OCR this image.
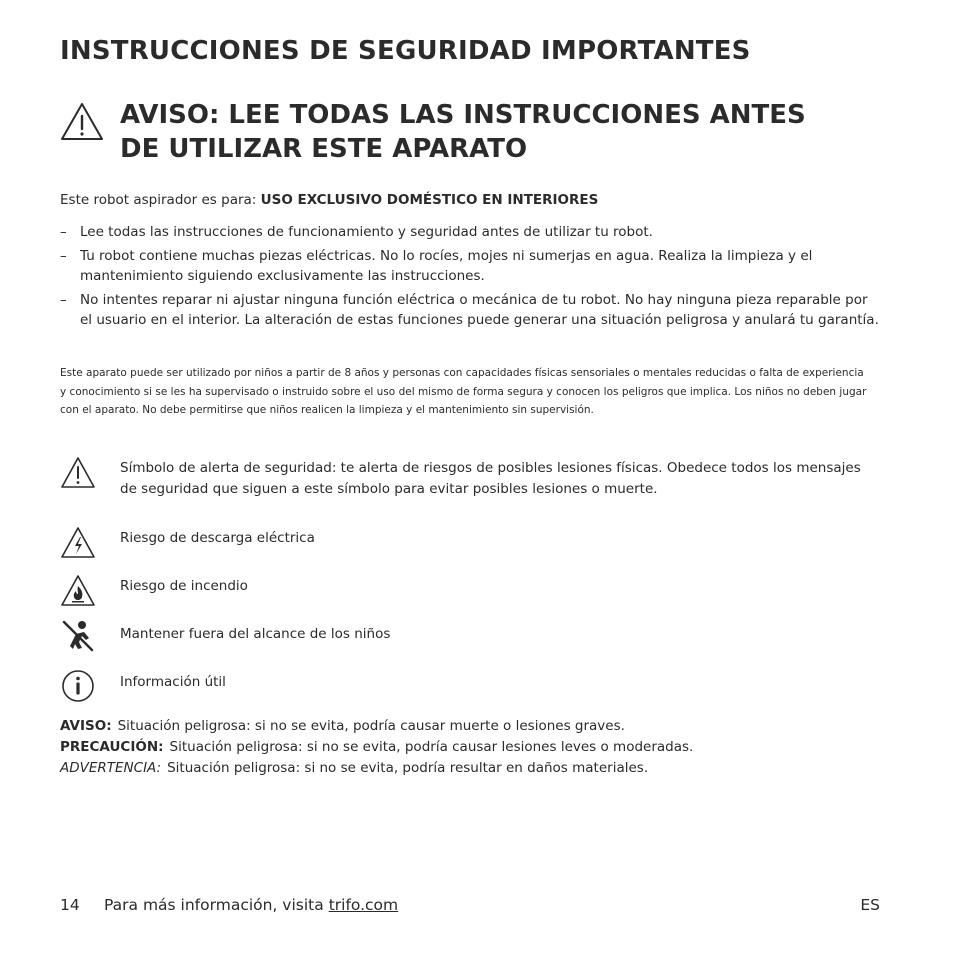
INSTRUCCIONES DE SEGURIDAD IMPORTANTES
AVISO: LEE TODAS LAS INSTRUCCIONES ANTES
DE UTILIZAR ESTE APARATO
Este robot aspirador es para: USO EXCLUSIVO DOMÉSTICO EN INTERIORES
– Lee todas las instrucciones de funcionamiento y seguridad antes de utilizar tu robot.
– Tu robot contiene muchas piezas eléctricas. No lo rocíes, mojes ni sumerjas en agua. Realiza la limpieza y el mantenimiento siguiendo exclusivamente las instrucciones.
– No intentes reparar ni ajustar ninguna función eléctrica o mecánica de tu robot. No hay ninguna pieza reparable por el usuario en el interior. La alteración de estas funciones puede generar una situación peligrosa y anulará tu garantía.
Este aparato puede ser utilizado por niños a partir de 8 años y personas con capacidades físicas sensoriales o mentales reducidas o falta de experiencia y conocimiento si se les ha supervisado o instruido sobre el uso del mismo de forma segura y conocen los peligros que implica. Los niños no deben jugar con el aparato. No debe permitirse que niños realicen la limpieza y el mantenimiento sin supervisión.
Símbolo de alerta de seguridad: te alerta de riesgos de posibles lesiones físicas. Obedece todos los mensajes de seguridad que siguen a este símbolo para evitar posibles lesiones o muerte.
Riesgo de descarga eléctrica
Riesgo de incendio
Mantener fuera del alcance de los niños
Información útil
AVISO: Situación peligrosa: si no se evita, podría causar muerte o lesiones graves.
PRECAUCIÓN: Situación peligrosa: si no se evita, podría causar lesiones leves o moderadas.
ADVERTENCIA: Situación peligrosa: si no se evita, podría resultar en daños materiales.
14 Para más información, visita trifo.com	ES
